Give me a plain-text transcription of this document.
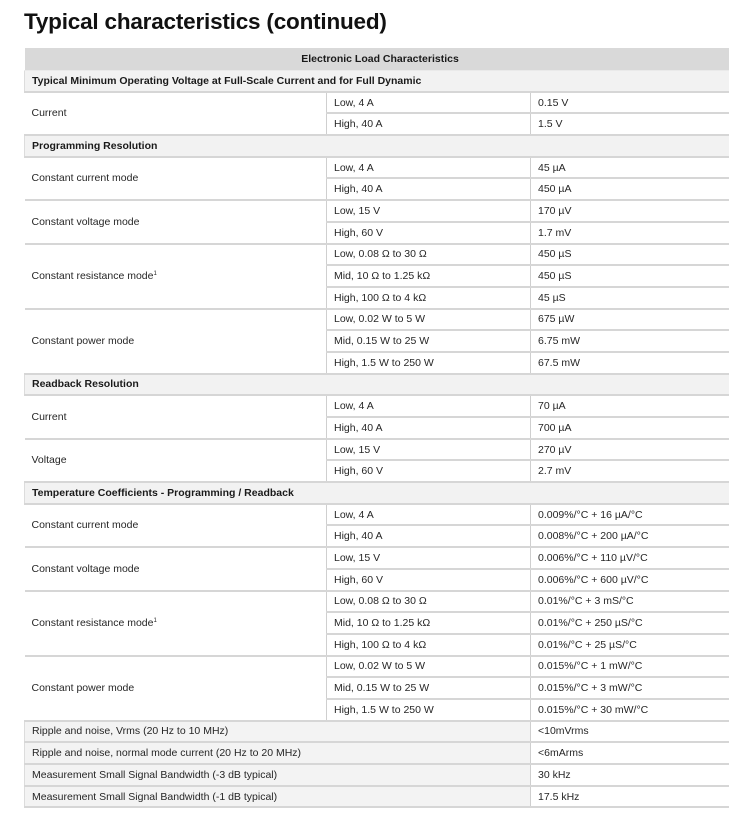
Typical characteristics (continued)
Electronic Load Characteristics		
Typical Minimum Operating Voltage at Full-Scale Current and for Full Dynamic		
Current	Low, 4 A	0.15 V
	High, 40 A	1.5 V
Programming Resolution		
Constant current mode	Low, 4 A	45 µA
	High, 40 A	450 µA
Constant voltage mode	Low, 15 V	170 µV
	High, 60 V	1.7 mV
Constant resistance mode$^1$	Low, 0.08 Ω to 30 Ω	450 µS
	Mid, 10 Ω to 1.25 kΩ	450 µS
	High, 100 Ω to 4 kΩ	45 µS
Constant power mode	Low, 0.02 W to 5 W	675 µW
	Mid, 0.15 W to 25 W	6.75 mW
	High, 1.5 W to 250 W	67.5 mW
Readback Resolution		
Current	Low, 4 A	70 µA
	High, 40 A	700 µA
Voltage	Low, 15 V	270 µV
	High, 60 V	2.7 mV
Temperature Coefficients - Programming / Readback		
Constant current mode	Low, 4 A	0.009%/°C + 16 µA/°C
	High, 40 A	0.008%/°C + 200 µA/°C
Constant voltage mode	Low, 15 V	0.006%/°C + 110 µV/°C
	High, 60 V	0.006%/°C + 600 µV/°C
Constant resistance mode$^1$	Low, 0.08 Ω to 30 Ω	0.01%/°C + 3 mS/°C
	Mid, 10 Ω to 1.25 kΩ	0.01%/°C + 250 µS/°C
	High, 100 Ω to 4 kΩ	0.01%/°C + 25 µS/°C
Constant power mode	Low, 0.02 W to 5 W	0.015%/°C + 1 mW/°C
	Mid, 0.15 W to 25 W	0.015%/°C + 3 mW/°C
	High, 1.5 W to 250 W	0.015%/°C + 30 mW/°C
Ripple and noise, Vrms (20 Hz to 10 MHz)		<10mVrms
Ripple and noise, normal mode current (20 Hz to 20 MHz)		<6mArms
Measurement Small Signal Bandwidth (-3 dB typical)		30 kHz
Measurement Small Signal Bandwidth (-1 dB typical)		17.5 kHz
